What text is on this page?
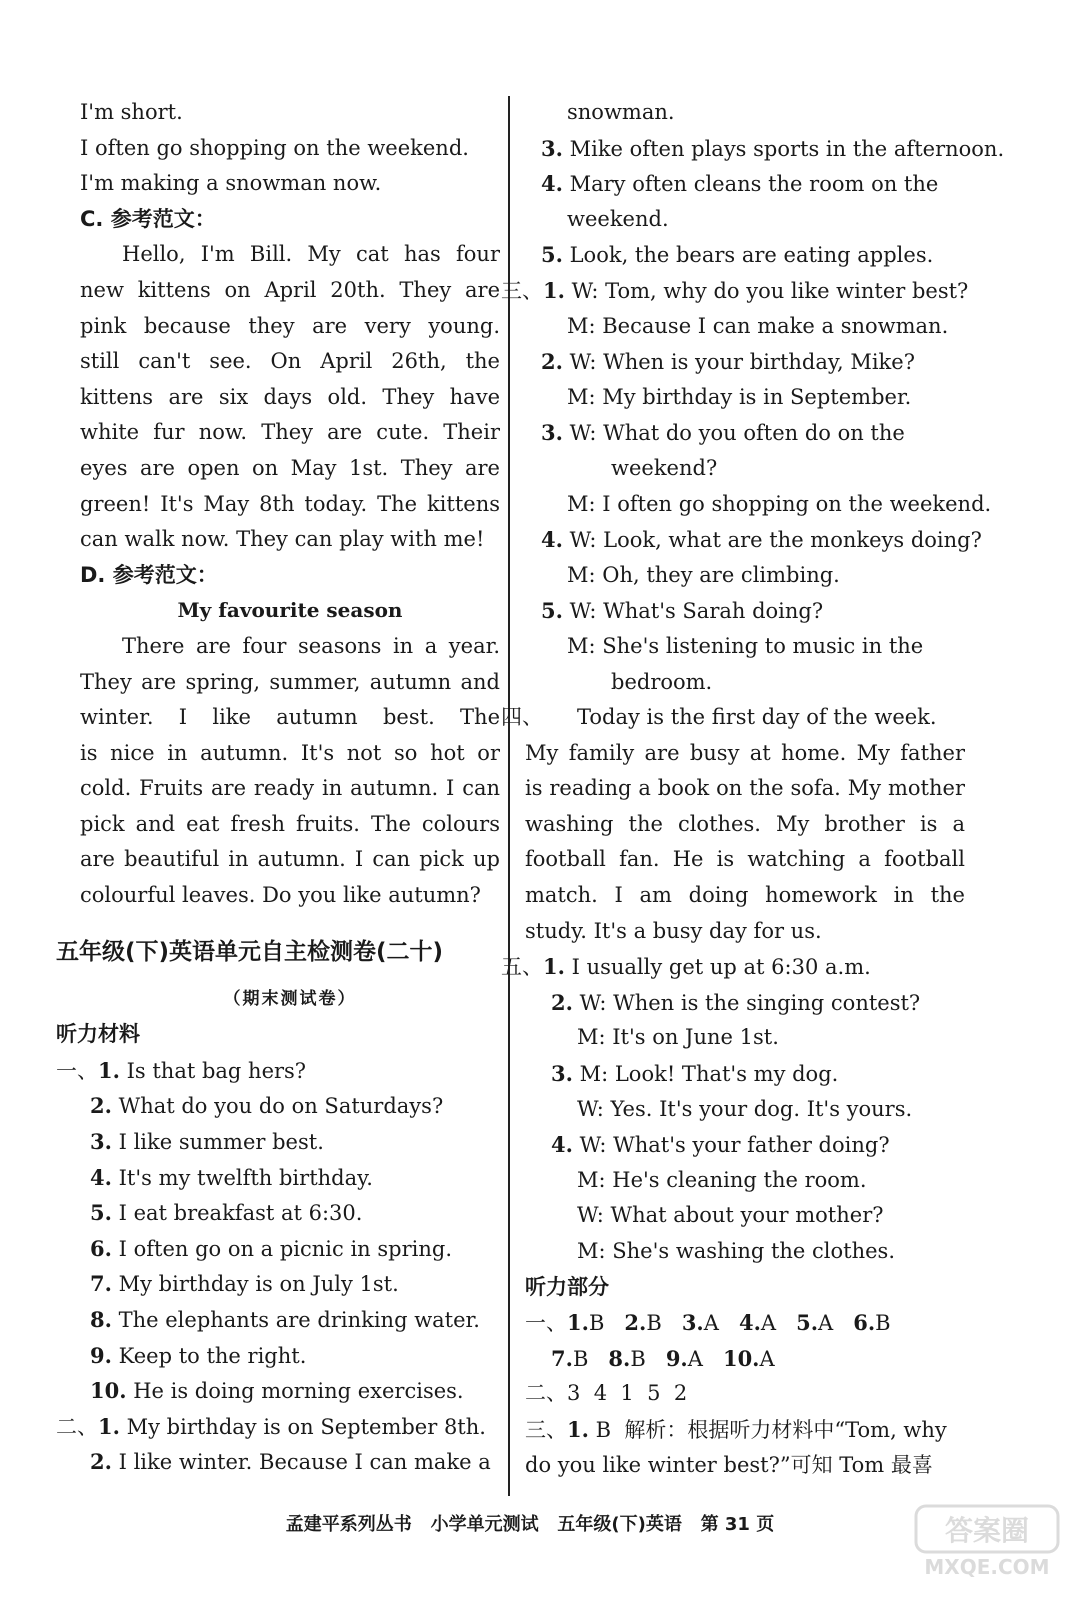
I'm short.
I often go shopping on the weekend.
I'm making a snowman now.
C. 参考范文：
Hello, I'm Bill. My cat has four
new kittens on April 20th. They are
pink because they are very young.
still can't see. On April 26th, the
kittens are six days old. They have
white fur now. They are cute. Their
eyes are open on May 1st. They are
green! It's May 8th today. The kittens
can walk now. They can play with me!
D. 参考范文：
My favourite season
There are four seasons in a year.
They are spring, summer, autumn and
winter. I like autumn best. The
is nice in autumn. It's not so hot or
cold. Fruits are ready in autumn. I can
pick and eat fresh fruits. The colours
are beautiful in autumn. I can pick up
colourful leaves. Do you like autumn?
五年级(下)英语单元自主检测卷(二十)
（期末测试卷）
听力材料
一、1. Is that bag hers?
2. What do you do on Saturdays?
3. I like summer best.
4. It's my twelfth birthday.
5. I eat breakfast at 6:30.
6. I often go on a picnic in spring.
7. My birthday is on July 1st.
8. The elephants are drinking water.
9. Keep to the right.
10. He is doing morning exercises.
二、1. My birthday is on September 8th.
2. I like winter. Because I can make a
snowman.
3. Mike often plays sports in the afternoon.
4. Mary often cleans the room on the
weekend.
5. Look, the bears are eating apples.
三、1. W: Tom, why do you like winter best?
M: Because I can make a snowman.
2. W: When is your birthday, Mike?
M: My birthday is in September.
3. W: What do you often do on the
weekend?
M: I often go shopping on the weekend.
4. W: Look, what are the monkeys doing?
M: Oh, they are climbing.
5. W: What's Sarah doing?
M: She's listening to music in the
bedroom.
四、 Today is the first day of the week.
My family are busy at home. My father
is reading a book on the sofa. My mother
washing the clothes. My brother is a
football fan. He is watching a football
match. I am doing homework in the
study. It's a busy day for us.
五、1. I usually get up at 6:30 a.m.
2. W: When is the singing contest?
M: It's on June 1st.
3. M: Look! That's my dog.
W: Yes. It's your dog. It's yours.
4. W: What's your father doing?
M: He's cleaning the room.
W: What about your mother?
M: She's washing the clothes.
听力部分
一、1.B 2.B 3.A 4.A 5.A 6.B
7.B 8.B 9.A 10.A
二、3  4  1  5  2
三、1. B  解析：根据听力材料中“Tom, why
do you like winter best?”可知 Tom 最喜
孟建平系列丛书   小学单元测试   五年级(下)英语   第 31 页	答案圈
MXQE.COM
